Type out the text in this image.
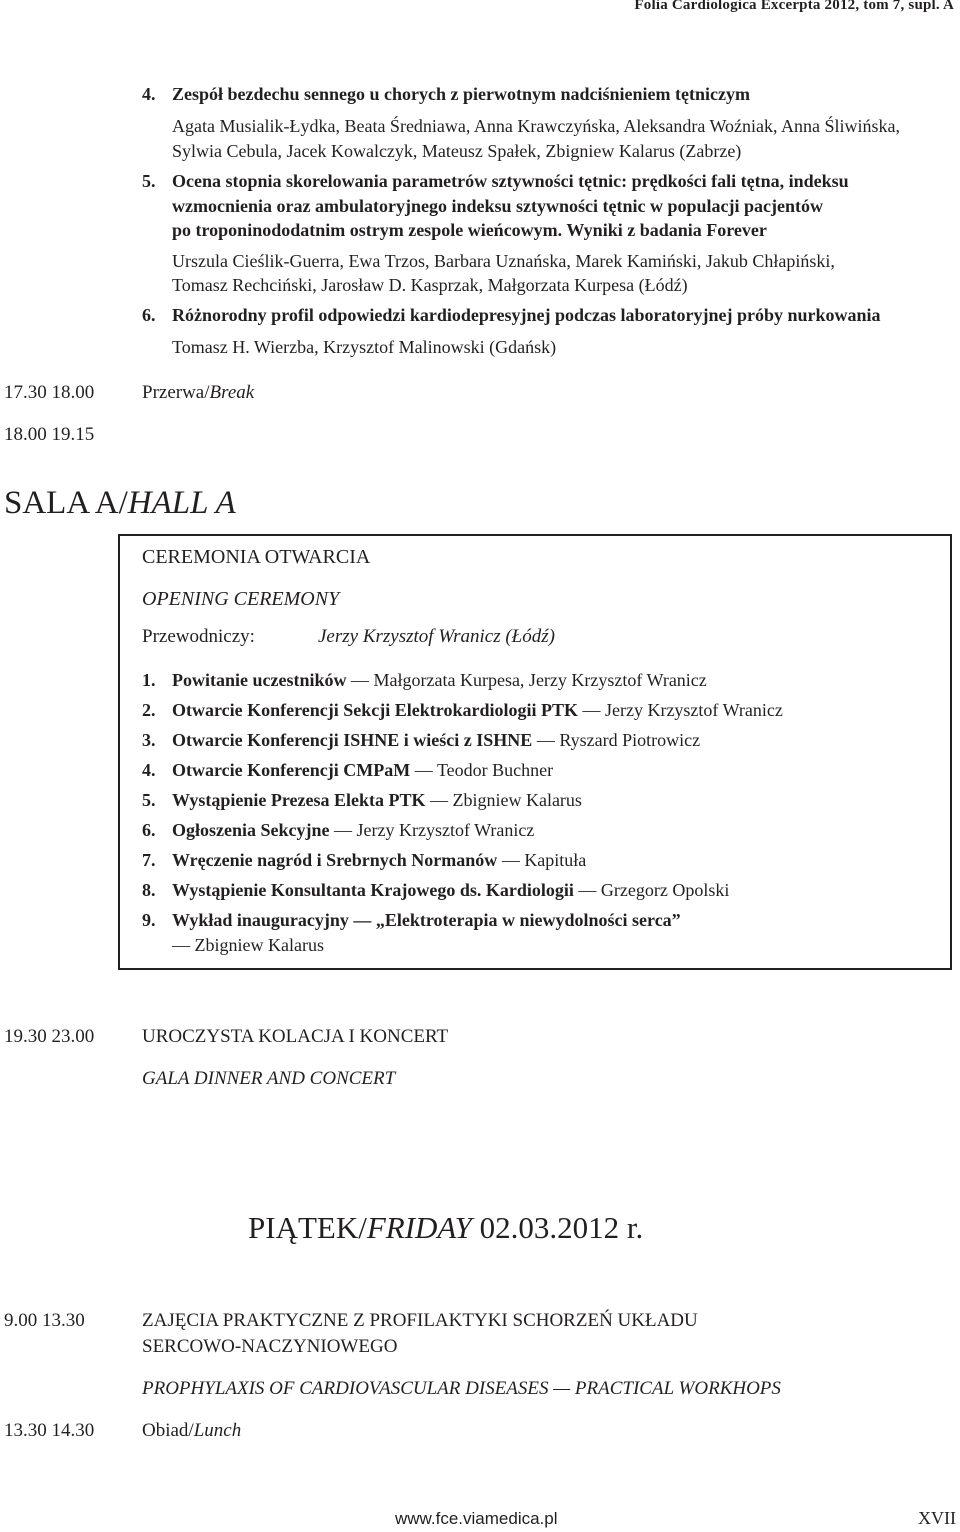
Folia Cardiologica Excerpta 2012, tom 7, supl. A
4. Zespół bezdechu sennego u chorych z pierwotnym nadciśnieniem tętniczym
Agata Musialik-Łydka, Beata Średniawa, Anna Krawczyńska, Aleksandra Woźniak, Anna Śliwińska,
Sylwia Cebula, Jacek Kowalczyk, Mateusz Spałek, Zbigniew Kalarus (Zabrze)
5. Ocena stopnia skorelowania parametrów sztywności tętnic: prędkości fali tętna, indeksu
wzmocnienia oraz ambulatoryjnego indeksu sztywności tętnic w populacji pacjentów
po troponinododatnim ostrym zespole wieńcowym. Wyniki z badania Forever
Urszula Cieślik-Guerra, Ewa Trzos, Barbara Uznańska, Marek Kamiński, Jakub Chłapiński,
Tomasz Rechciński, Jarosław D. Kasprzak, Małgorzata Kurpesa (Łódź)
6. Różnorodny profil odpowiedzi kardiodepresyjnej podczas laboratoryjnej próby nurkowania
Tomasz H. Wierzba, Krzysztof Malinowski (Gdańsk)
17.30 18.00	Przerwa/Break
18.00 19.15
SALA A/HALL A
CEREMONIA OTWARCIA
OPENING CEREMONY
Przewodniczy:	Jerzy Krzysztof Wranicz (Łódź)
1. Powitanie uczestników — Małgorzata Kurpesa, Jerzy Krzysztof Wranicz
2. Otwarcie Konferencji Sekcji Elektrokardiologii PTK — Jerzy Krzysztof Wranicz
3. Otwarcie Konferencji ISHNE i wieści z ISHNE — Ryszard Piotrowicz
4. Otwarcie Konferencji CMPaM — Teodor Buchner
5. Wystąpienie Prezesa Elekta PTK — Zbigniew Kalarus
6. Ogłoszenia Sekcyjne — Jerzy Krzysztof Wranicz
7. Wręczenie nagród i Srebrnych Normanów — Kapituła
8. Wystąpienie Konsultanta Krajowego ds. Kardiologii — Grzegorz Opolski
9. Wykład inauguracyjny — „Elektroterapia w niewydolności serca”
— Zbigniew Kalarus
19.30 23.00	UROCZYSTA KOLACJA I KONCERT
GALA DINNER AND CONCERT
PIĄTEK/FRIDAY 02.03.2012 r.
9.00 13.30	ZAJĘCIA PRAKTYCZNE Z PROFILAKTYKI SCHORZEŃ UKŁADU
SERCOWO-NACZYNIOWEGO
PROPHYLAXIS OF CARDIOVASCULAR DISEASES — PRACTICAL WORKHOPS
13.30 14.30	Obiad/Lunch
www.fce.viamedica.pl	XVII
